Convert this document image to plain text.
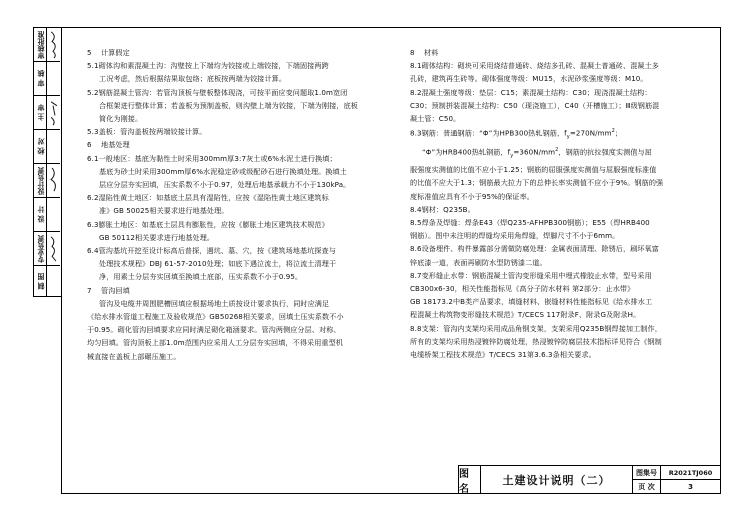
审核批准
审 核
主 审
校 对
设计负责
设 计
专业负责
制 图

5 计算假定

5.1砌体沟和素混凝土沟：沟壁按上下端均为铰接或上端铰接，下端固接两跨

工况考虑，然后根据结果取包络；底板按两端为铰接计算。

5.2钢筋混凝土管沟：若管沟顶板与壁板整体现浇，可按平面应变问题取1.0m宽闭

合框架进行整体计算；若盖板为预制盖板，则沟壁上端为铰接，下端为刚接，底板

简化为刚接。

5.3盖板：管沟盖板按两端铰接计算。

6 地基处理

6.1一般地区：基底为黏性土时采用300mm厚3:7灰土或6%水泥土进行换填；

基底为砂土时采用300mm厚6%水泥稳定砂或级配砂石进行换填处理。换填土

层应分层夯实回填，压实系数不小于0.97，处理后地基承载力不小于130kPa。

6.2湿陷性黄土地区：如基底土层具有湿陷性，应按《湿陷性黄土地区建筑标

准》GB 50025相关要求进行地基处理。

6.3膨胀土地区：如基底土层具有膨胀性，应按《膨胀土地区建筑技术规范》

GB 50112相关要求进行地基处理。

6.4管沟基坑开挖至设计标高后普探，遇坑、墓、穴，按《建筑场地基坑探查与

处理技术规程》DBJ 61-57-2010处理；如底下遇泣流土，将泣流土清理干

净，用素土分层夯实回填至换填土底部，压实系数不小于0.95。

7 管沟回填

管沟及电缆井周围肥槽回填应根据场地土质按设计要求执行，同时应满足

《给水排水管道工程施工及验收规范》GB50268相关要求，回填土压实系数不小

于0.95。砌化管沟回填要求应同时满足砌化箱涵要求。管沟两侧应分层、对称、

均匀回填。管沟顶板上部1.0m范围内应采用人工分层夯实回填，不得采用重型机

械直接在盖板上部碾压施工。

8 材料

8.1砌体结构：砌块可采用烧结普通砖、烧结多孔砖、混凝土普通砖、混凝土多

孔砖，建筑再生砖等。砌体强度等级：MU15，水泥砂浆强度等级：M10。

8.2混凝土强度等级：垫层：C15；素混凝土结构：C30；现浇混凝土结构：

C30；预制拼装混凝土结构：C50（现浇施工），C40（开槽施工）；Ⅲ级钢筋混

凝土管：C50。

8.3钢筋：普通钢筋：“Φ”为HPB300热轧钢筋，$f_y=270N/mm^2$；

“Φ”为HRB400热轧钢筋，$f_y=360N/mm^2$，钢筋的抗拉强度实测值与屈

服强度实测值的比值不应小于1.25；钢筋的屈服强度实测值与屈服强度标准值

的比值不应大于1.3；钢筋最大拉力下的总伸长率实测值不应小于9%。钢筋的强

度标准值应具有不小于95%的保证率。

8.4钢材：Q235B。

8.5焊条及焊缝：焊条E43（焊Q235-AFHPB300钢筋）；E55（焊HRB400

钢筋）。图中未注明的焊缝均采用角焊缝，焊脚尺寸不小于6mm。

8.6设备埋件、构件暴露部分需做防腐处理：金属表面清理、除锈后，刷环氧富

锌底漆一道，表面再刷防水型防锈漆二道。

8.7变形缝止水带：钢筋混凝土管沟变形缝采用中埋式橡胶止水带，型号采用

CB300x6-30，相关性能指标见《高分子防水材料 第2部分：止水带》

GB 18173.2中B类产品要求，填缝材料、嵌缝材料性能指标见《给水排水工

程混凝土构筑物变形缝技术规范》T/CECS 117附录F、附录G及附录H。

8.8支架：管沟内支架均采用成品角钢支架，支架采用Q235B钢焊接加工制作，

所有的支架均采用热浸镀锌防腐处理，热浸镀锌防腐层技术指标详见符合《钢制

电缆桥架工程技术规范》T/CECS 31第3.6.3条相关要求。

图 名
土建设计说明（二）
图集号
页 次
R2021TJ060
3
